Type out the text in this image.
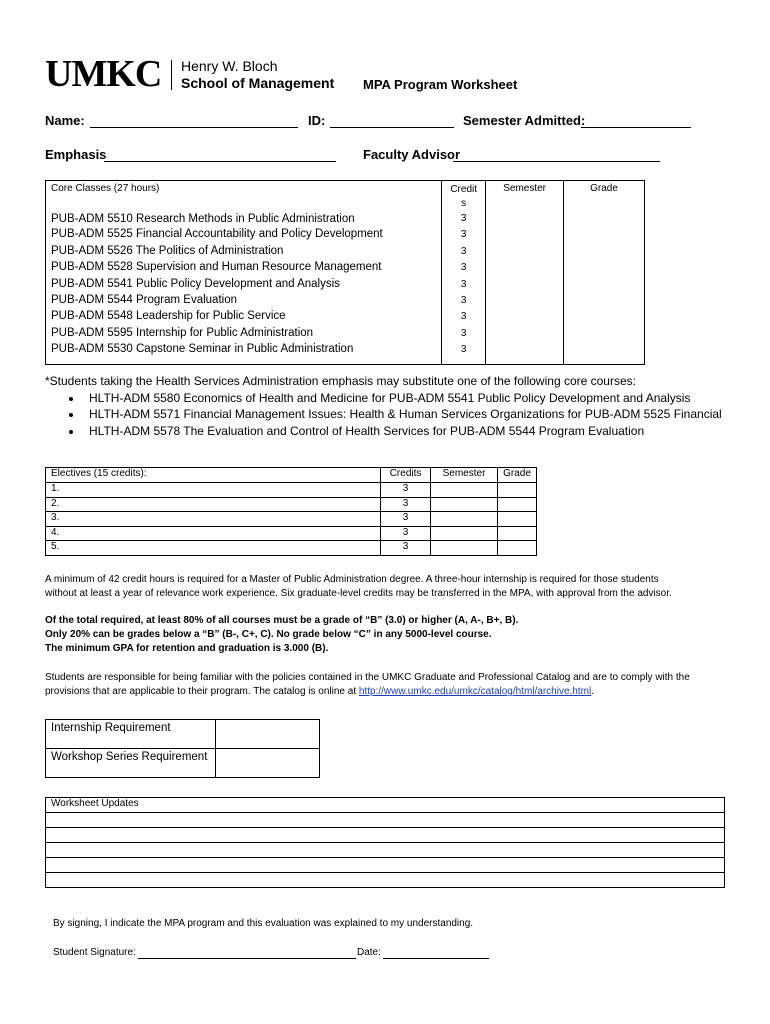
UMKC Henry W. Bloch
School of Management MPA Program Worksheet
Name:	ID:	Semester Admitted:
Emphasis	Faculty Advisor
Core Classes (27 hours)	Credit
s	Semester	Grade
PUB-ADM 5510 Research Methods in Public Administration	3		
PUB-ADM 5525 Financial Accountability and Policy Development	3		
PUB-ADM 5526 The Politics of Administration	3		
PUB-ADM 5528 Supervision and Human Resource Management	3		
PUB-ADM 5541 Public Policy Development and Analysis	3		
PUB-ADM 5544 Program Evaluation	3		
PUB-ADM 5548 Leadership for Public Service	3		
PUB-ADM 5595 Internship for Public Administration	3		
PUB-ADM 5530 Capstone Seminar in Public Administration	3		

*Students taking the Health Services Administration emphasis may substitute one of the following core courses:
• HLTH-ADM 5580 Economics of Health and Medicine for PUB-ADM 5541 Public Policy Development and Analysis
• HLTH-ADM 5571 Financial Management Issues: Health & Human Services Organizations for PUB-ADM 5525 Financial
• HLTH-ADM 5578 The Evaluation and Control of Health Services for PUB-ADM 5544 Program Evaluation
Electives (15 credits):	Credits	Semester	Grade
1.	3		
2.	3		
3.	3		
4.	3		
5.	3		
A minimum of 42 credit hours is required for a Master of Public Administration degree. A three-hour internship is required for those students
without at least a year of relevance work experience. Six graduate-level credits may be transferred in the MPA, with approval from the advisor.
Of the total required, at least 80% of all courses must be a grade of “B” (3.0) or higher (A, A-, B+, B).
Only 20% can be grades below a “B” (B-, C+, C). No grade below “C” in any 5000-level course.
The minimum GPA for retention and graduation is 3.000 (B).
Students are responsible for being familiar with the policies contained in the UMKC Graduate and Professional Catalog and are to comply with the
provisions that are applicable to their program. The catalog is online at http://www.umkc.edu/umkc/catalog/html/archive.html.
Internship Requirement	
Workshop Series Requirement	
Worksheet Updates

By signing, I indicate the MPA program and this evaluation was explained to my understanding.
Student Signature:	Date:
